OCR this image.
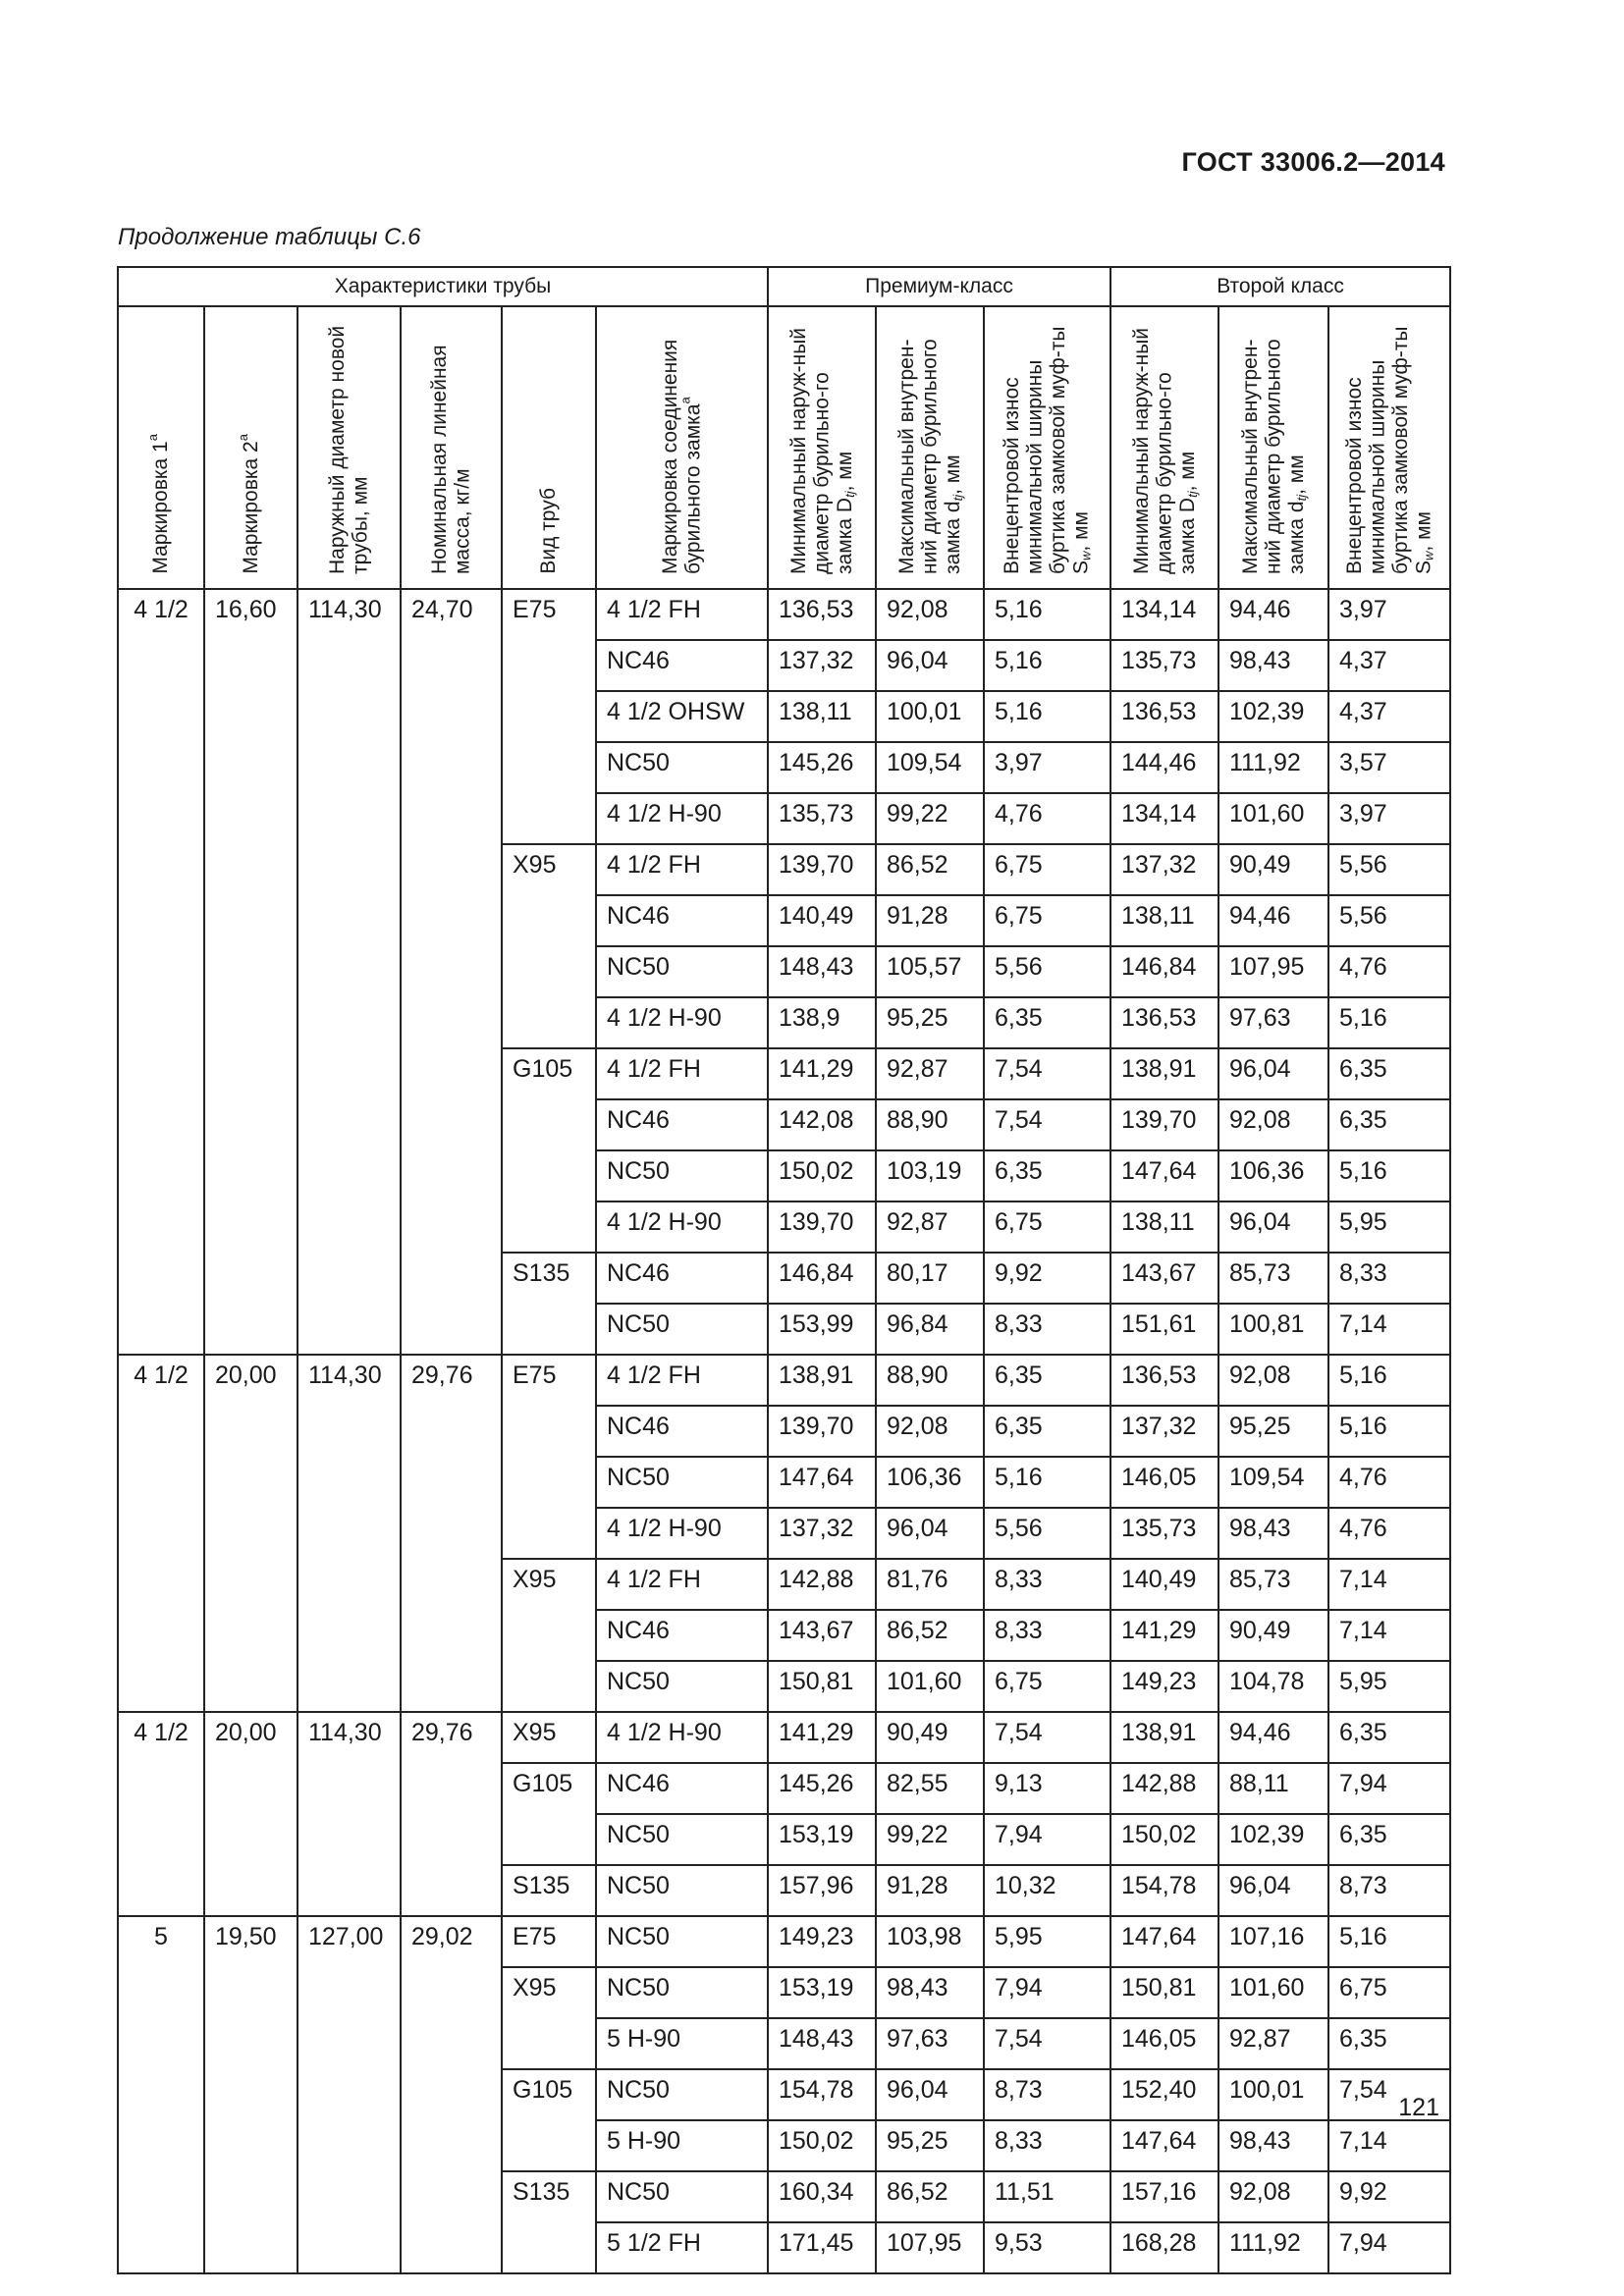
ГОСТ 33006.2—2014
Продолжение таблицы С.6
Характеристики трубы						Премиум-класс			Второй класс		
Маркировка $1^а$	Маркировка $2^а$	Наружный диаметр новой трубы, мм	Номинальная линейная масса, кг/м	Вид труб	Маркировка соединения бурильного замка$^а$	Минимальный наруж-ный диаметр бурильно-го замка $D_{tj}$, мм	Максимальный внутрен-ний диаметр бурильного замка $d_{tj}$, мм	Внецентровой износ минимальной ширины буртика замковой муф-ты $S_w$, мм	Минимальный наруж-ный диаметр бурильно-го замка $D_{tj}$, мм	Максимальный внутрен-ний диаметр бурильного замка $d_{tj}$, мм	Внецентровой износ минимальной ширины буртика замковой муф-ты $S_w$, мм
4 1/2	16,60	114,30	24,70	E75	4 1/2 FH	136,53	92,08	5,16	134,14	94,46	3,97
					NC46	137,32	96,04	5,16	135,73	98,43	4,37
					4 1/2 OHSW	138,11	100,01	5,16	136,53	102,39	4,37
					NC50	145,26	109,54	3,97	144,46	111,92	3,57
					4 1/2 H-90	135,73	99,22	4,76	134,14	101,60	3,97
				X95	4 1/2 FH	139,70	86,52	6,75	137,32	90,49	5,56
					NC46	140,49	91,28	6,75	138,11	94,46	5,56
					NC50	148,43	105,57	5,56	146,84	107,95	4,76
					4 1/2 H-90	138,9	95,25	6,35	136,53	97,63	5,16
				G105	4 1/2 FH	141,29	92,87	7,54	138,91	96,04	6,35
					NC46	142,08	88,90	7,54	139,70	92,08	6,35
					NC50	150,02	103,19	6,35	147,64	106,36	5,16
					4 1/2 H-90	139,70	92,87	6,75	138,11	96,04	5,95
				S135	NC46	146,84	80,17	9,92	143,67	85,73	8,33
					NC50	153,99	96,84	8,33	151,61	100,81	7,14
4 1/2	20,00	114,30	29,76	E75	4 1/2 FH	138,91	88,90	6,35	136,53	92,08	5,16
					NC46	139,70	92,08	6,35	137,32	95,25	5,16
					NC50	147,64	106,36	5,16	146,05	109,54	4,76
					4 1/2 H-90	137,32	96,04	5,56	135,73	98,43	4,76
				X95	4 1/2 FH	142,88	81,76	8,33	140,49	85,73	7,14
					NC46	143,67	86,52	8,33	141,29	90,49	7,14
					NC50	150,81	101,60	6,75	149,23	104,78	5,95
4 1/2	20,00	114,30	29,76	X95	4 1/2 H-90	141,29	90,49	7,54	138,91	94,46	6,35
				G105	NC46	145,26	82,55	9,13	142,88	88,11	7,94
					NC50	153,19	99,22	7,94	150,02	102,39	6,35
				S135	NC50	157,96	91,28	10,32	154,78	96,04	8,73
5	19,50	127,00	29,02	E75	NC50	149,23	103,98	5,95	147,64	107,16	5,16
				X95	NC50	153,19	98,43	7,94	150,81	101,60	6,75
					5 H-90	148,43	97,63	7,54	146,05	92,87	6,35
				G105	NC50	154,78	96,04	8,73	152,40	100,01	7,54
					5 H-90	150,02	95,25	8,33	147,64	98,43	7,14
				S135	NC50	160,34	86,52	11,51	157,16	92,08	9,92
					5 1/2 FH	171,45	107,95	9,53	168,28	111,92	7,94
121
